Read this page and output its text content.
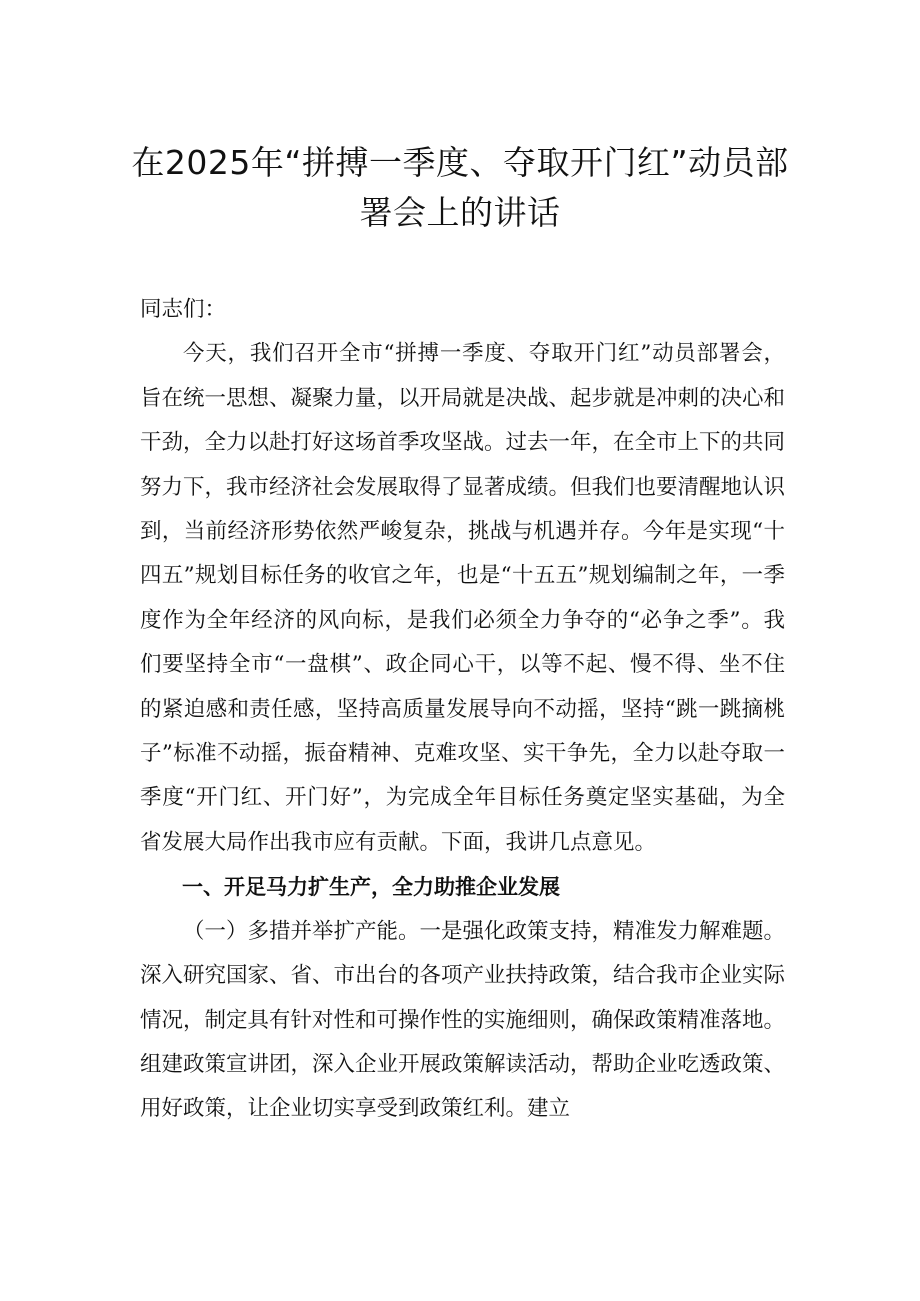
在2025年“拼搏一季度、夺取开门红”动员部署会上的讲话

同志们：

今天，我们召开全市“拼搏一季度、夺取开门红”动员部署会，旨在统一思想、凝聚力量，以开局就是决战、起步就是冲刺的决心和干劲，全力以赴打好这场首季攻坚战。过去一年，在全市上下的共同努力下，我市经济社会发展取得了显著成绩。但我们也要清醒地认识到，当前经济形势依然严峻复杂，挑战与机遇并存。今年是实现“十四五”规划目标任务的收官之年，也是“十五五”规划编制之年，一季度作为全年经济的风向标，是我们必须全力争夺的“必争之季”。我们要坚持全市“一盘棋”、政企同心干，以等不起、慢不得、坐不住的紧迫感和责任感，坚持高质量发展导向不动摇，坚持“跳一跳摘桃子”标准不动摇，振奋精神、克难攻坚、实干争先，全力以赴夺取一季度“开门红、开门好”，为完成全年目标任务奠定坚实基础，为全省发展大局作出我市应有贡献。下面，我讲几点意见。

一、开足马力扩生产，全力助推企业发展

（一）多措并举扩产能。一是强化政策支持，精准发力解难题。深入研究国家、省、市出台的各项产业扶持政策，结合我市企业实际情况，制定具有针对性和可操作性的实施细则，确保政策精准落地。组建政策宣讲团，深入企业开展政策解读活动，帮助企业吃透政策、用好政策，让企业切实享受到政策红利。建立
